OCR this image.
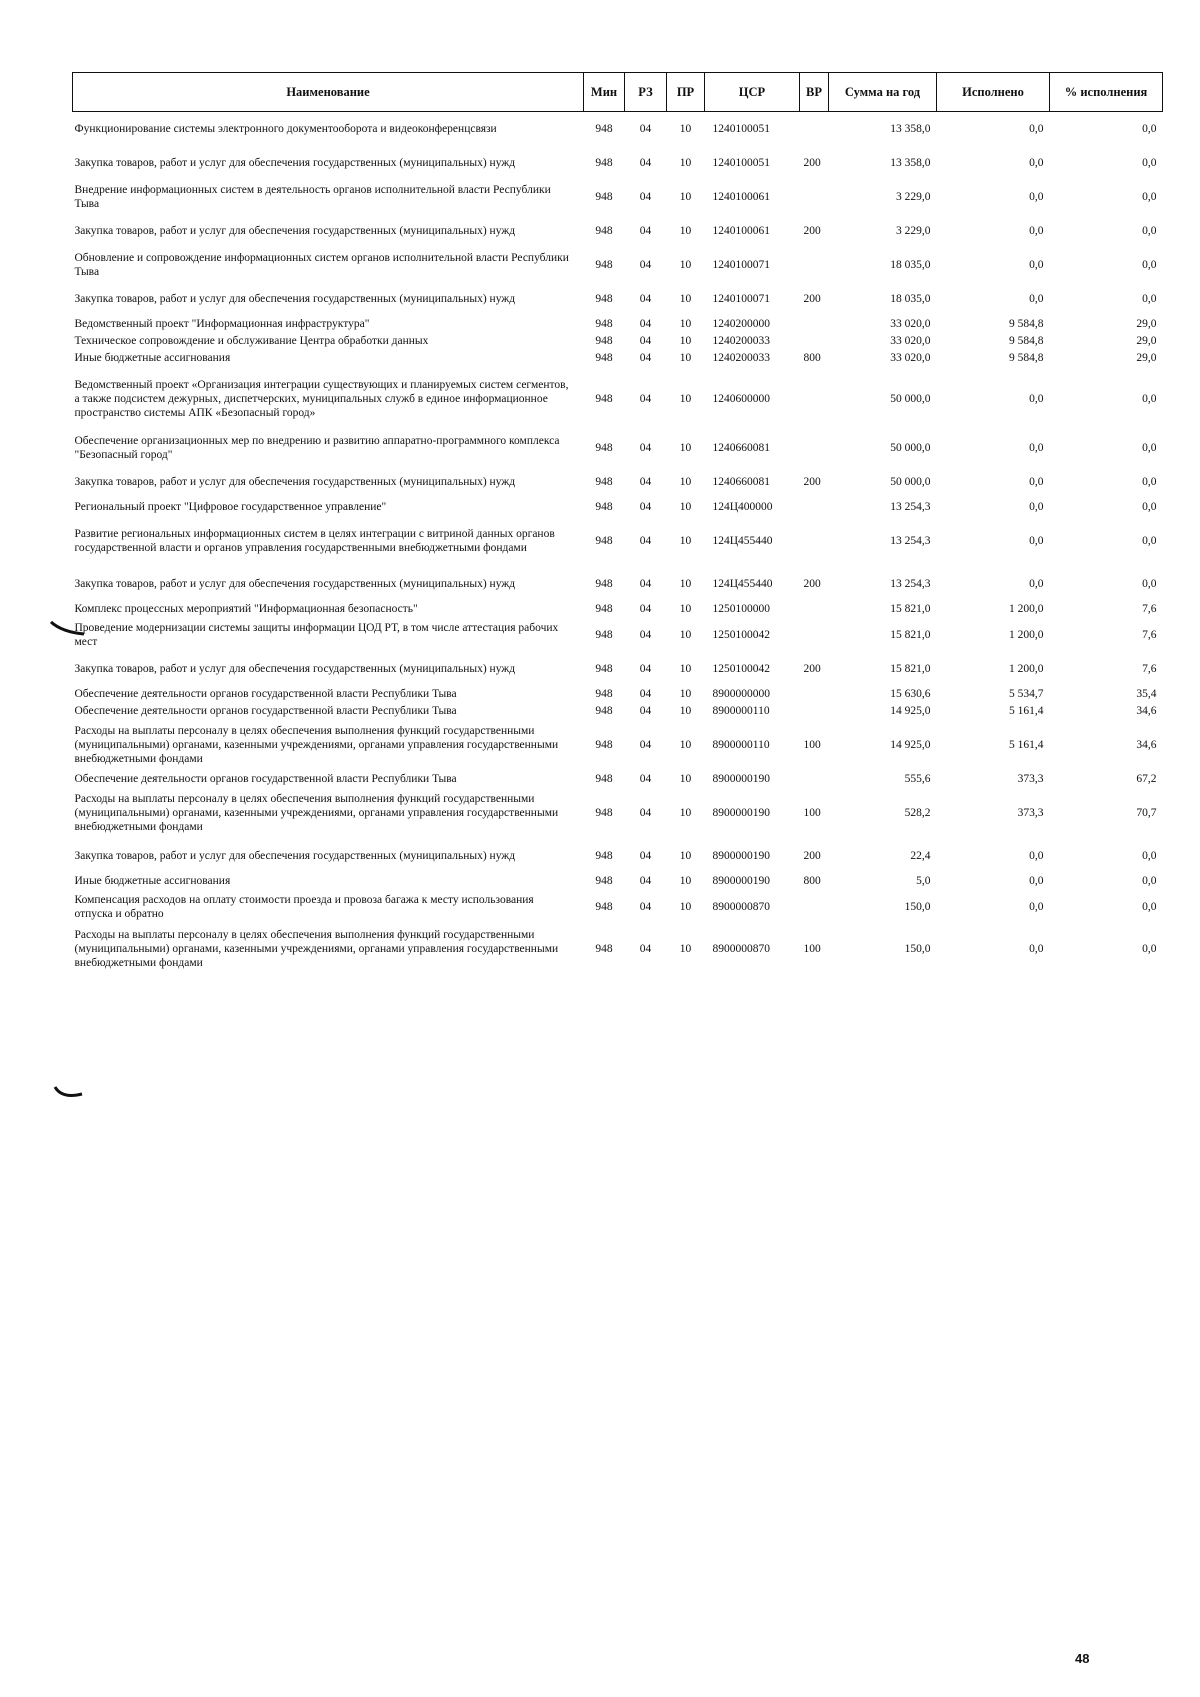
Наименование	Мин	РЗ	ПР	ЦСР	ВР	Сумма на год	Исполнено	% исполнения
Функционирование системы электронного документооборота и видеоконференцсвязи	948	04	10	1240100051		13 358,0	0,0	0,0
Закупка товаров, работ и услуг для обеспечения государственных (муниципальных) нужд	948	04	10	1240100051	200	13 358,0	0,0	0,0
Внедрение информационных систем в деятельность органов исполнительной власти Республики Тыва	948	04	10	1240100061		3 229,0	0,0	0,0
Закупка товаров, работ и услуг для обеспечения государственных (муниципальных) нужд	948	04	10	1240100061	200	3 229,0	0,0	0,0
Обновление и сопровождение информационных систем органов исполнительной власти Республики Тыва	948	04	10	1240100071		18 035,0	0,0	0,0
Закупка товаров, работ и услуг для обеспечения государственных (муниципальных) нужд	948	04	10	1240100071	200	18 035,0	0,0	0,0
Ведомственный проект "Информационная инфраструктура"	948	04	10	1240200000		33 020,0	9 584,8	29,0
Техническое сопровождение и обслуживание Центра обработки данных	948	04	10	1240200033		33 020,0	9 584,8	29,0
Иные бюджетные ассигнования	948	04	10	1240200033	800	33 020,0	9 584,8	29,0
Ведомственный проект «Организация интеграции существующих и планируемых систем сегментов, а также подсистем дежурных, диспетчерских, муниципальных служб в единое информационное пространство системы АПК «Безопасный город»	948	04	10	1240600000		50 000,0	0,0	0,0
Обеспечение организационных мер по внедрению и развитию аппаратно-программного комплекса "Безопасный город"	948	04	10	1240660081		50 000,0	0,0	0,0
Закупка товаров, работ и услуг для обеспечения государственных (муниципальных) нужд	948	04	10	1240660081	200	50 000,0	0,0	0,0
Региональный проект "Цифровое государственное управление"	948	04	10	124Ц400000		13 254,3	0,0	0,0
Развитие региональных информационных систем в целях интеграции с витриной данных органов государственной власти и органов управления государственными внебюджетными фондами	948	04	10	124Ц455440		13 254,3	0,0	0,0
Закупка товаров, работ и услуг для обеспечения государственных (муниципальных) нужд	948	04	10	124Ц455440	200	13 254,3	0,0	0,0
Комплекс процессных мероприятий "Информационная безопасность"	948	04	10	1250100000		15 821,0	1 200,0	7,6
Проведение модернизации системы защиты информации ЦОД РТ, в том числе аттестация рабочих мест	948	04	10	1250100042		15 821,0	1 200,0	7,6
Закупка товаров, работ и услуг для обеспечения государственных (муниципальных) нужд	948	04	10	1250100042	200	15 821,0	1 200,0	7,6
Обеспечение деятельности органов государственной власти Республики Тыва	948	04	10	8900000000		15 630,6	5 534,7	35,4
Обеспечение деятельности органов государственной власти Республики Тыва	948	04	10	8900000110		14 925,0	5 161,4	34,6
Расходы на выплаты персоналу в целях обеспечения выполнения функций государственными (муниципальными) органами, казенными учреждениями, органами управления государственными внебюджетными фондами	948	04	10	8900000110	100	14 925,0	5 161,4	34,6
Обеспечение деятельности органов государственной власти Республики Тыва	948	04	10	8900000190		555,6	373,3	67,2
Расходы на выплаты персоналу в целях обеспечения выполнения функций государственными (муниципальными) органами, казенными учреждениями, органами управления государственными внебюджетными фондами	948	04	10	8900000190	100	528,2	373,3	70,7
Закупка товаров, работ и услуг для обеспечения государственных (муниципальных) нужд	948	04	10	8900000190	200	22,4	0,0	0,0
Иные бюджетные ассигнования	948	04	10	8900000190	800	5,0	0,0	0,0
Компенсация расходов на оплату стоимости проезда и провоза багажа к месту использования отпуска и обратно	948	04	10	8900000870		150,0	0,0	0,0
Расходы на выплаты персоналу в целях обеспечения выполнения функций государственными (муниципальными) органами, казенными учреждениями, органами управления государственными внебюджетными фондами	948	04	10	8900000870	100	150,0	0,0	0,0
48
